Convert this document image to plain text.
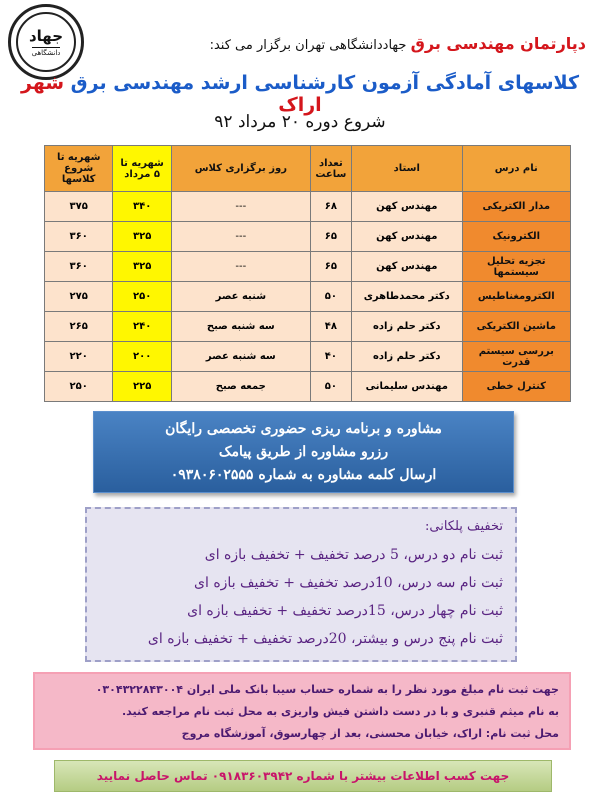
جهاد
دانشگاهی	دپارتمان مهندسی برق جهاددانشگاهی تهران برگزار می کند:
کلاسهای آمادگی آزمون کارشناسی ارشد مهندسی برق شهر اراک
شروع دوره ۲۰ مرداد ۹۲
نام درس	استاد	تعداد ساعت	روز برگزاری کلاس	شهریه تا ۵ مرداد	شهریه تا شروع کلاسها
مدار الکتریکی	مهندس کهن	۶۸	---	۳۴۰	۳۷۵
الکترونیک	مهندس کهن	۶۵	---	۳۲۵	۳۶۰
تجزیه تحلیل سیستمها	مهندس کهن	۶۵	---	۳۲۵	۳۶۰
الکترومغناطیس	دکتر محمدطاهری	۵۰	شنبه عصر	۲۵۰	۲۷۵
ماشین الکتریکی	دکتر حلم زاده	۴۸	سه شنبه صبح	۲۴۰	۲۶۵
بررسی سیستم قدرت	دکتر حلم زاده	۴۰	سه شنبه عصر	۲۰۰	۲۲۰
کنترل خطی	مهندس سلیمانی	۵۰	جمعه صبح	۲۲۵	۲۵۰
مشاوره و برنامه ریزی حضوری تخصصی رایگان
رزرو مشاوره از طریق پیامک
ارسال کلمه مشاوره به شماره ۰۹۳۸۰۶۰۲۵۵۵
تخفیف پلکانی:
ثبت نام دو درس، 5 درصد تخفیف + تخفیف بازه ای
ثبت نام سه درس، 10درصد تخفیف + تخفیف بازه ای
ثبت نام چهار درس، 15درصد تخفیف + تخفیف بازه ای
ثبت نام پنج درس و بیشتر، 20درصد تخفیف + تخفیف بازه ای
جهت ثبت نام مبلغ مورد نظر را به شماره حساب سیبا بانک ملی ایران ۰۳۰۴۳۲۲۸۴۳۰۰۴
به نام میثم قنبری و با در دست داشتن فیش واریزی به محل ثبت نام مراجعه کنید.
محل ثبت نام: اراک، خیابان محسنی، بعد از چهارسوق، آموزشگاه مروج
جهت کسب اطلاعات بیشتر با شماره ۰۹۱۸۳۶۰۳۹۴۲ تماس حاصل نمایید
